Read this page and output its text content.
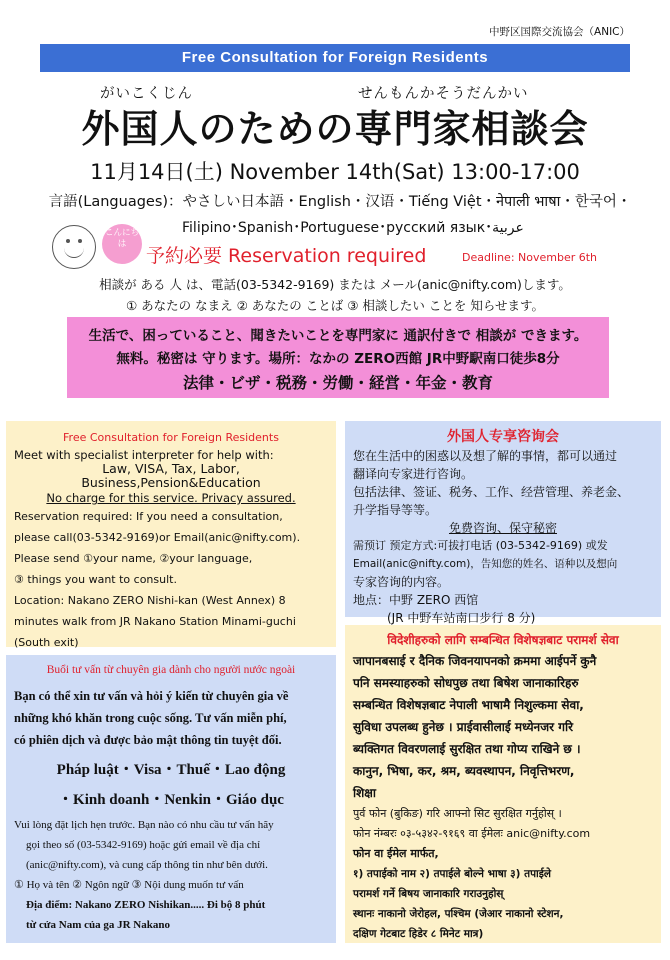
中野区国際交流協会（ANIC）
Free Consultation for Foreign Residents
がいこくじん	せんもんかそうだんかい
外国人のための専門家相談会
11月14日(土) November 14th(Sat) 13:00-17:00
言語(Languages)：やさしい日本語・English・汉语・Tiếng Việt・नेपाली भाषा・한국어・
Filipino･Spanish･Portuguese･русский язык･عربية
こんにちは
予約必要 Reservation required	Deadline: November 6th
相談が ある 人 は、電話(03-5342-9169) または メール(anic@nifty.com)します。
① あなたの なまえ ② あなたの ことば ③ 相談したい ことを 知らせます。
生活で、困っていること、聞きたいことを専門家に 通訳付きで 相談が できます。
無料。秘密は 守ります。場所：なかの ZERO西館 JR中野駅南口徒歩8分
法律・ビザ・税務・労働・経営・年金・教育
Free Consultation for Foreign Residents
Meet with specialist interpreter for help with:
Law, VISA, Tax, Labor,
Business,Pension&Education
No charge for this service. Privacy assured.
Reservation required: If you need a consultation,
please call(03-5342-9169)or Email(anic@nifty.com).
Please send ①your name, ②your language,
③ things you want to consult.
Location: Nakano ZERO Nishi-kan (West Annex) 8
minutes walk from JR Nakano Station Minami-guchi
(South exit)
外国人专享咨询会
您在生活中的困惑以及想了解的事情，都可以通过
翻译向专家进行咨询。
包括法律、签证、税务、工作、经营管理、养老金、
升学指导等等。
免费咨询、保守秘密
需预订 预定方式:可拔打电话 (03-5342-9169) 或发
Email(anic@nifty.com)，告知您的姓名、语种以及想向
专家咨询的内容。
地点：中野 ZERO 西馆
(JR 中野车站南口步行 8 分)
Buổi tư vấn từ chuyên gia dành cho người nước ngoài
Bạn có thể xin tư vấn và hỏi ý kiến từ chuyên gia về
những khó khăn trong cuộc sống. Tư vấn miễn phí,
có phiên dịch và được bảo mật thông tin tuyệt đối.
Pháp luật・Visa・Thuế・Lao động
・Kinh doanh・Nenkin・Giáo dục
Vui lòng đặt lịch hẹn trước. Bạn nào có nhu cầu tư vấn hãy
gọi theo số (03-5342-9169) hoặc gửi email về địa chỉ
(anic@nifty.com), và cung cấp thông tin như bên dưới.
① Họ và tên ② Ngôn ngữ ③ Nội dung muốn tư vấn
Địa điểm: Nakano ZERO Nishikan..... Đi bộ 8 phút
từ cửa Nam của ga JR Nakano
विदेशीहरुको लागि सम्बन्धित विशेषज्ञबाट परामर्श सेवा
जापानबसाई र दैनिक जिवनयापनको क्रममा आईपर्ने कुनै
पनि समस्याहरुको सोधपुछ तथा बिषेश जानाकारिहरु
सम्बन्धित विशेषज्ञबाट नेपाली भाषामै निशुल्कमा सेवा,
सुविधा उपलब्ध हुनेछ । प्राईवासीलाई मध्येनजर गरि
ब्यक्तिगत विवरणलाई सुरक्षित तथा गोप्य राखिने छ ।
कानुन, भिषा, कर, श्रम, ब्यवस्थापन, निवृत्तिभरण,
शिक्षा
पुर्व फोन (बुकिङ) गरि आफ्नो सिट सुरक्षित गर्नुहोस् ।
फोन नंम्बरः ०३-५३४२-९१६९ वा ईमेलः anic@nifty.com
फोन वा ईमेल मार्फत,
१) तपाईको नाम २) तपाईले बोल्ने भाषा ३) तपाईले
परामर्श गर्ने बिषय जानाकारि गराउनुहोस्
स्थानः नाकानो जेरोहल, पश्चिम (जेआर नाकानो स्टेशन,
दक्षिण गेटबाट हिडेर ८ मिनेट मात्र)
